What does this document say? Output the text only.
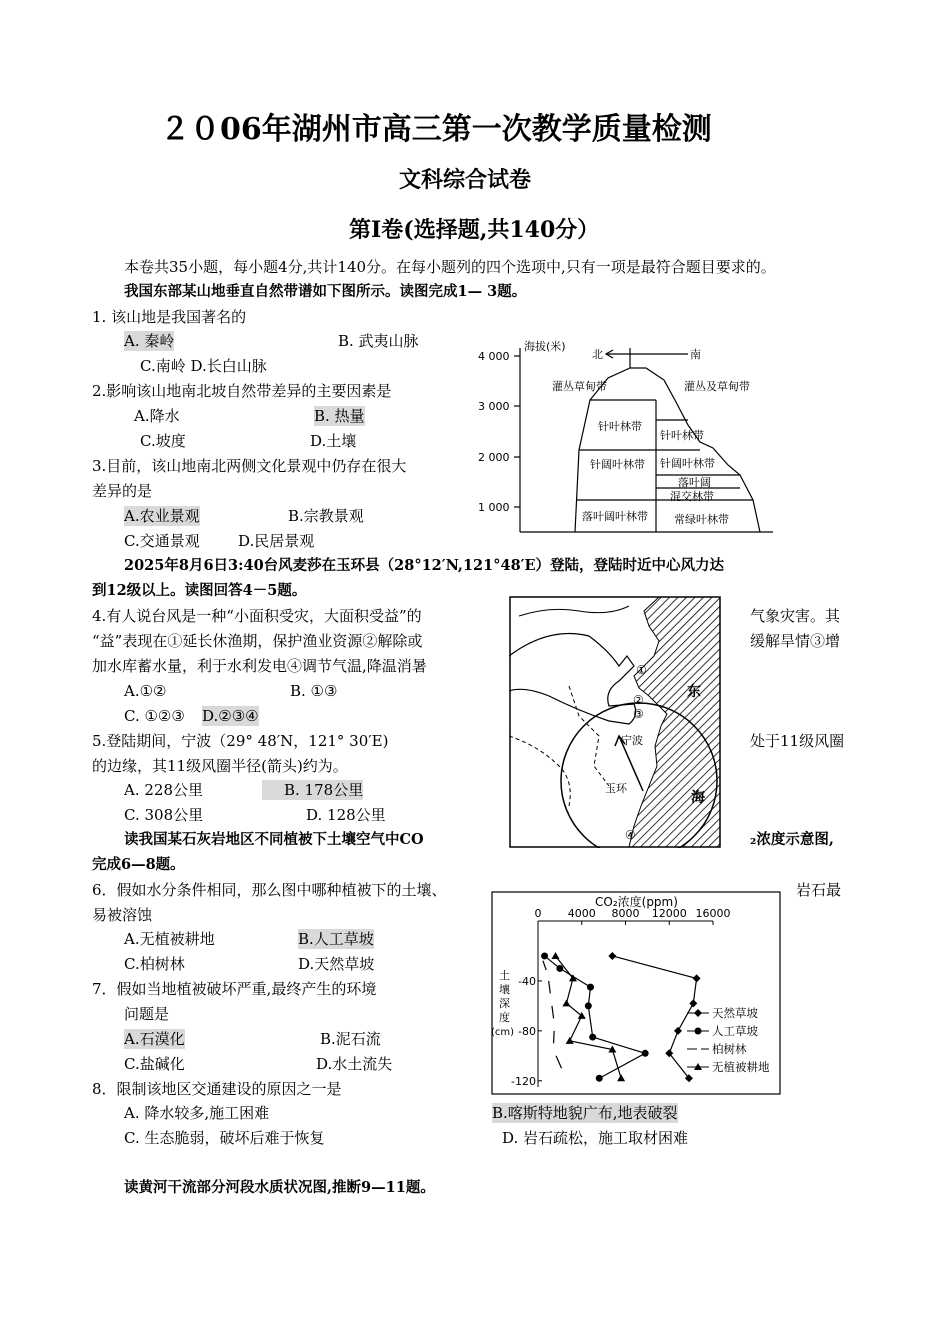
２０06年湖州市高三第一次教学质量检测
文科综合试卷
第Ⅰ卷(选择题,共140分）
本卷共35小题，每小题4分,共计140分。在每小题列的四个选项中,只有一项是最符合题目要求的。
我国东部某山地垂直自然带谱如下图所示。读图完成1— 3题。
1. 该山地是我国著名的
A. 秦岭	B. 武夷山脉
C.南岭 D.长白山脉
2.影响该山地南北坡自然带差异的主要因素是
A.降水	B. 热量
C.坡度	D.土壤
3.目前，该山地南北两侧文化景观中仍存在很大
差异的是
A.农业景观	B.宗教景观
C.交通景观	D.民居景观
4 000
3 000
2 000
1 000
海拔(米)
北	南
灌丛草甸带
针叶林带
针阔叶林带
落叶阔叶林带
灌丛及草甸带
针叶林带
针阔叶林带
落叶阔
混交林带
常绿叶林带
2025年8月6日3:40台风麦莎在玉环县（28°12′N,121°48′E）登陆，登陆时近中心风力达
到12级以上。读图回答4－5题。
4.有人说台风是一种“小面积受灾，大面积受益”的	气象灾害。其
“益”表现在①延长休渔期，保护渔业资源②解除或	缓解旱情③增
加水库蓄水量，利于水利发电④调节气温,降温消暑
A.①②	B. ①③
C. ①②③ D.②③④
5.登陆期间，宁波（29° 48′N，121° 30′E)	处于11级风圈
的边缘，其11级风圈半径(箭头)约为。
A. 228公里	B. 178公里
C. 308公里	D. 128公里
①
②
③
④
宁波
玉环
东
海
读我国某石灰岩地区不同植被下土壤空气中CO	₂浓度示意图,
完成6—8题。
6．假如水分条件相同，那么图中哪种植被下的土壤、	岩石最
易被溶蚀
A.无植被耕地	B.人工草坡
C.柏树林	D.天然草坡
7．假如当地植被破坏严重,最终产生的环境
问题是
A.石漠化	B.泥石流
C.盐碱化	D.水土流失
8．限制该地区交通建设的原因之一是
A. 降水较多,施工困难	B.喀斯特地貌广布,地表破裂
C. 生态脆弱，破坏后难于恢复	D. 岩石疏松，施工取材困难
CO₂浓度(ppm)
0 4000 8000 12000 16000
-40
-80
-120
土壤深度(cm)
天然草坡
人工草坡
柏树林
无植被耕地
读黄河干流部分河段水质状况图,推断9—11题。
